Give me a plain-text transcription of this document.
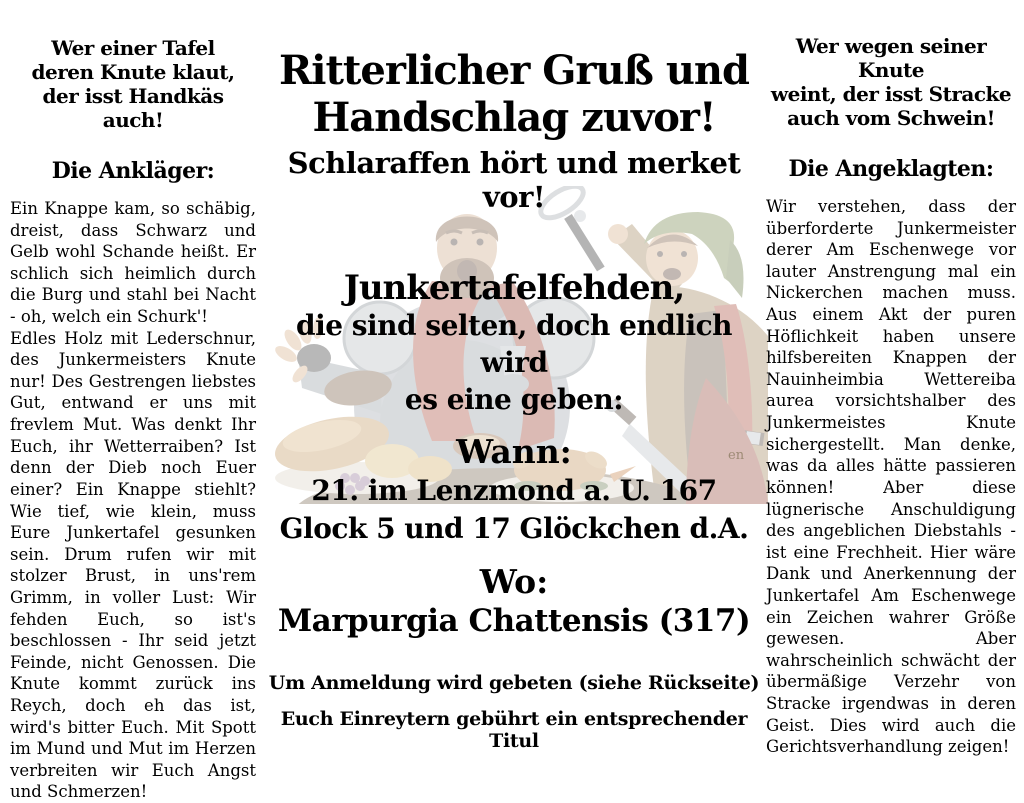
en
Wer einer Tafel
deren Knute klaut,
der isst Handkäs auch!
Die Ankläger:

Ein Knappe kam, so schäbig, dreist, dass Schwarz und Gelb wohl Schande heißt. Er schlich sich heimlich durch die Burg und stahl bei Nacht - oh, welch ein Schurk'!

Edles Holz mit Lederschnur, des Junkermeisters Knute nur! Des Gestrengen liebstes Gut, entwand er uns mit frevlem Mut. Was denkt Ihr Euch, ihr Wetterraiben? Ist denn der Dieb noch Euer einer? Ein Knappe stiehlt? Wie tief, wie klein, muss Eure Junkertafel gesunken sein. Drum rufen wir mit stolzer Brust, in uns'rem Grimm, in voller Lust: Wir fehden Euch, so ist's beschlossen - Ihr seid jetzt Feinde, nicht Genossen. Die Knute kommt zurück ins Reych, doch eh das ist, wird's bitter Euch. Mit Spott im Mund und Mut im Herzen verbreiten wir Euch Angst und Schmerzen!

Ritterlicher Gruß und
Handschlag zuvor!
Schlaraffen hört und merket vor!
Junkertafelfehden,
die sind selten, doch endlich wird
es eine geben:
Wann:
21. im Lenzmond a. U. 167
Glock 5 und 17 Glöckchen d.A.
Wo:
Marpurgia Chattensis (317)
Um Anmeldung wird gebeten (siehe Rückseite)
Euch Einreytern gebührt ein entsprechender Titul
Wer wegen seiner Knute
weint, der isst Stracke
auch vom Schwein!
Die Angeklagten:

Wir verstehen, dass der überforderte Junkermeister derer Am Eschenwege vor lauter Anstrengung mal ein Nickerchen machen muss. Aus einem Akt der puren Höflichkeit haben unsere hilfsbereiten Knappen der Nauinheimbia Wettereiba aurea vorsichtshalber des Junkermeistes Knute sichergestellt. Man denke, was da alles hätte passieren können! Aber diese lügnerische Anschuldigung des angeblichen Diebstahls - ist eine Frechheit. Hier wäre Dank und Anerkennung der Junkertafel Am Eschenwege ein Zeichen wahrer Größe gewesen. Aber wahrscheinlich schwächt der übermäßige Verzehr von Stracke irgendwas in deren Geist. Dies wird auch die Gerichtsverhandlung zeigen!
